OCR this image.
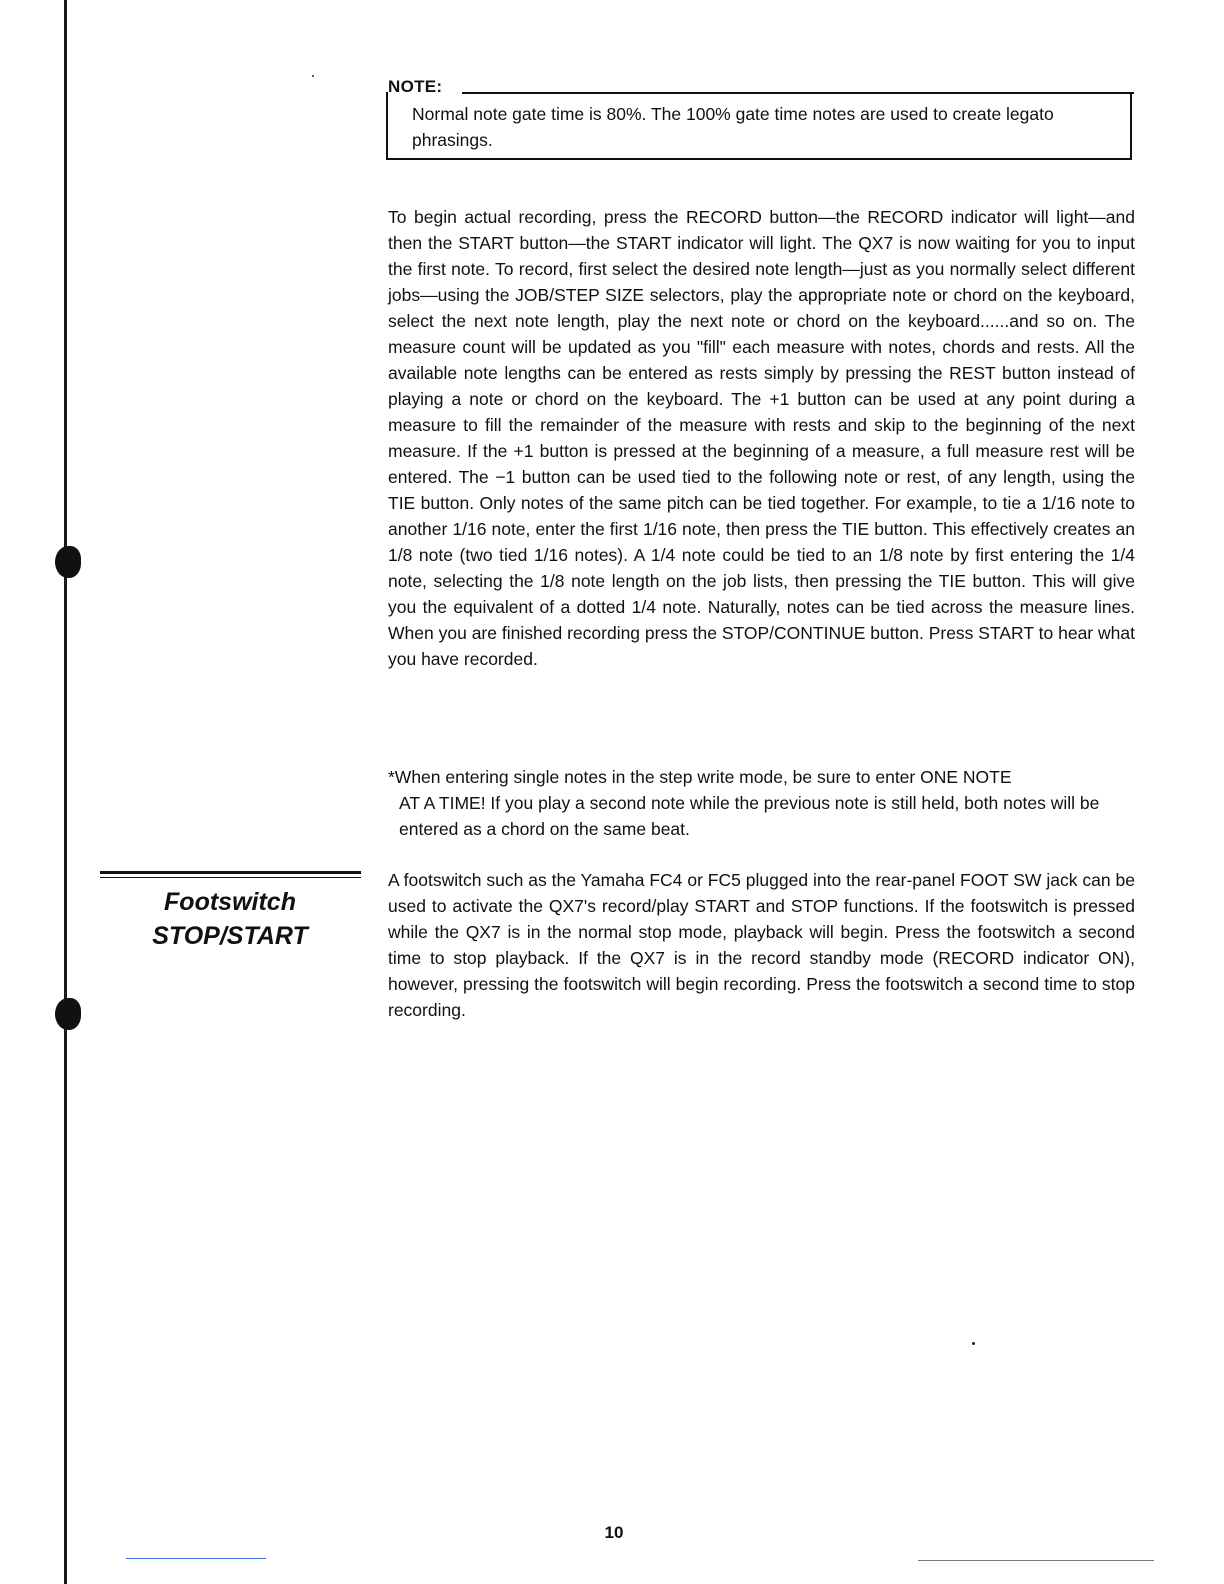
NOTE:
Normal note gate time is 80%. The 100% gate time notes are used to create legato phrasings.
To begin actual recording, press the RECORD button—the RECORD indicator will light—and then the START button—the START indicator will light. The QX7 is now waiting for you to input the first note. To record, first select the desired note length—just as you normally select different jobs—using the JOB/STEP SIZE selectors, play the appropriate note or chord on the keyboard, select the next note length, play the next note or chord on the keyboard......and so on. The measure count will be updated as you "fill" each measure with notes, chords and rests. All the available note lengths can be entered as rests simply by pressing the REST button instead of playing a note or chord on the keyboard. The +1 button can be used at any point during a measure to fill the remainder of the measure with rests and skip to the beginning of the next measure. If the +1 button is pressed at the beginning of a measure, a full measure rest will be entered. The −1 button can be used tied to the following note or rest, of any length, using the TIE button. Only notes of the same pitch can be tied together. For example, to tie a 1/16 note to another 1/16 note, enter the first 1/16 note, then press the TIE button. This effectively creates an 1/8 note (two tied 1/16 notes). A 1/4 note could be tied to an 1/8 note by first entering the 1/4 note, selecting the 1/8 note length on the job lists, then pressing the TIE button. This will give you the equivalent of a dotted 1/4 note. Naturally, notes can be tied across the measure lines. When you are finished recording press the STOP/CONTINUE button. Press START to hear what you have recorded.
*When entering single notes in the step write mode, be sure to enter ONE NOTE
AT A TIME! If you play a second note while the previous note is still held, both notes will be entered as a chord on the same beat.
Footswitch
STOP/START
A footswitch such as the Yamaha FC4 or FC5 plugged into the rear-panel FOOT SW jack can be used to activate the QX7's record/play START and STOP functions. If the footswitch is pressed while the QX7 is in the normal stop mode, playback will begin. Press the footswitch a second time to stop playback. If the QX7 is in the record standby mode (RECORD indicator ON), however, pressing the footswitch will begin recording. Press the footswitch a second time to stop recording.
10
